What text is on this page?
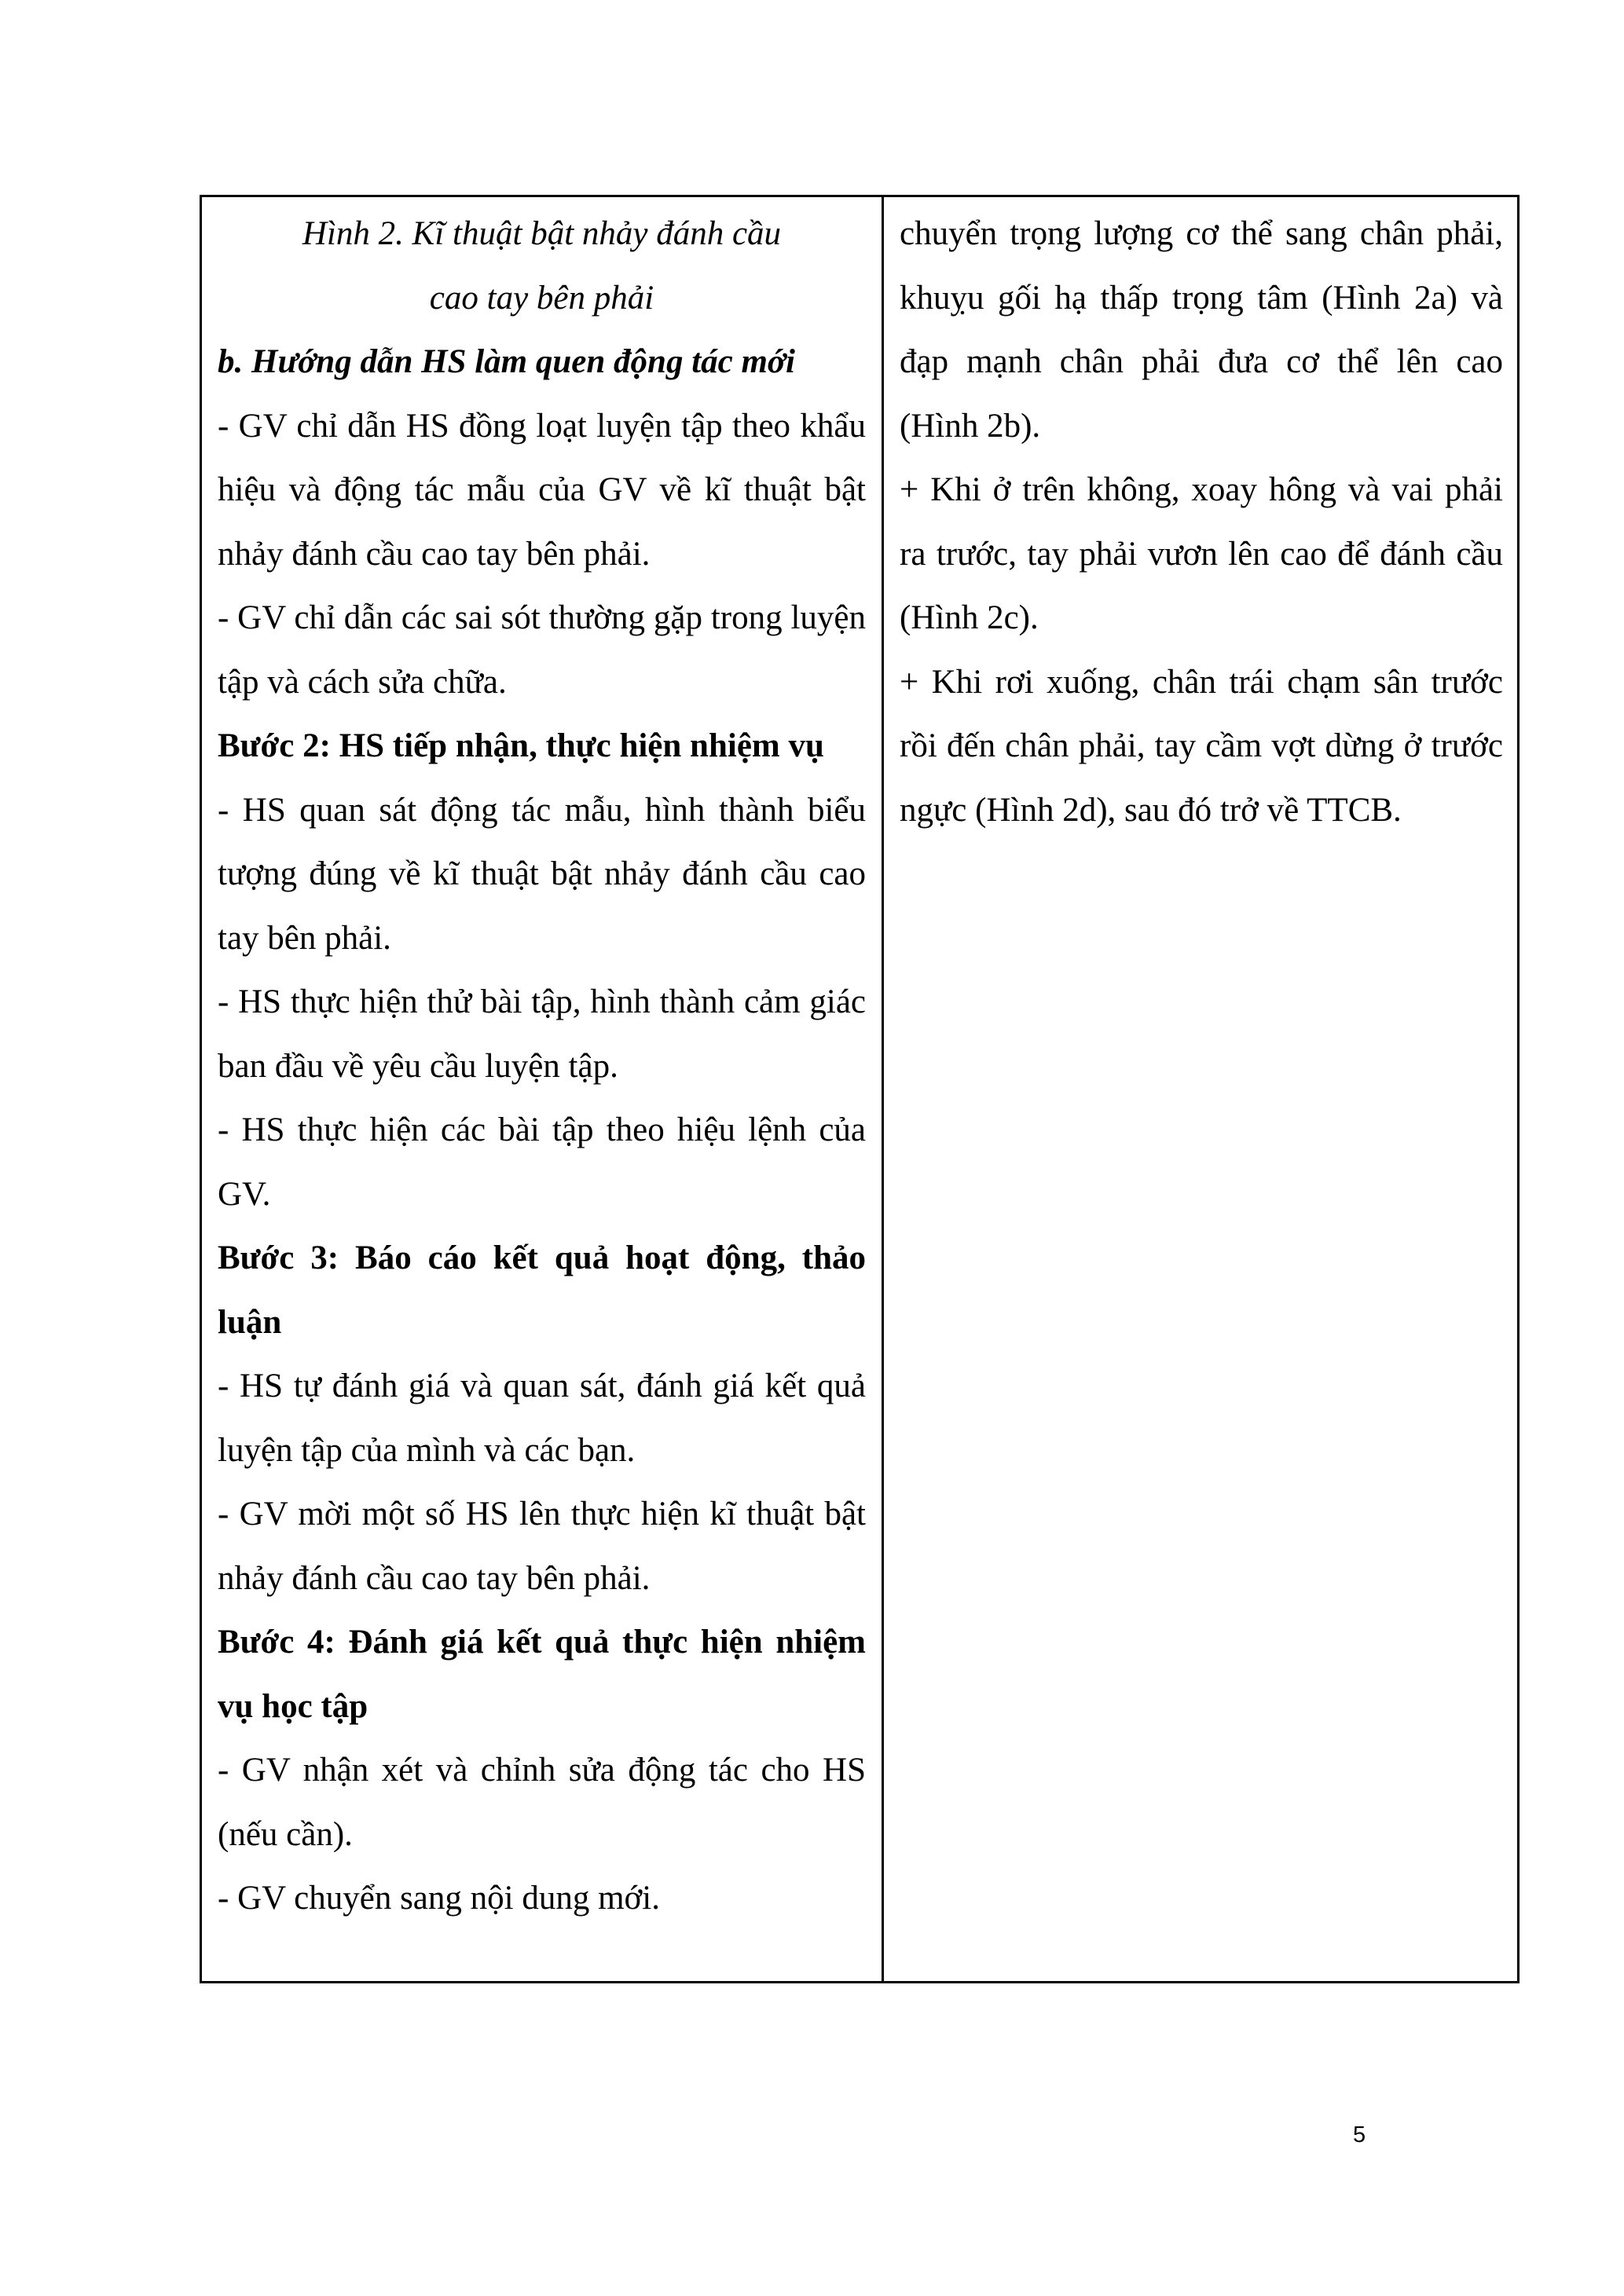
Hình 2. Kĩ thuật bật nhảy đánh cầu

cao tay bên phải

b. Hướng dẫn HS làm quen động tác mới

- GV chỉ dẫn HS đồng loạt luyện tập theo khẩu hiệu và động tác mẫu của GV về kĩ thuật bật nhảy đánh cầu cao tay bên phải.

- GV chỉ dẫn các sai sót thường gặp trong luyện tập và cách sửa chữa.

Bước 2: HS tiếp nhận, thực hiện nhiệm vụ

- HS quan sát động tác mẫu, hình thành biểu tượng đúng về kĩ thuật bật nhảy đánh cầu cao tay bên phải.

- HS thực hiện thử bài tập, hình thành cảm giác ban đầu về yêu cầu luyện tập.

- HS thực hiện các bài tập theo hiệu lệnh của GV.

Bước 3: Báo cáo kết quả hoạt động, thảo luận

- HS tự đánh giá và quan sát, đánh giá kết quả luyện tập của mình và các bạn.

- GV mời một số HS lên thực hiện kĩ thuật bật nhảy đánh cầu cao tay bên phải.

Bước 4: Đánh giá kết quả thực hiện nhiệm vụ học tập

- GV nhận xét và chỉnh sửa động tác cho HS (nếu cần).

- GV chuyển sang nội dung mới.

chuyển trọng lượng cơ thể sang chân phải, khuỵu gối hạ thấp trọng tâm (Hình 2a) và đạp mạnh chân phải đưa cơ thể lên cao (Hình 2b).

+ Khi ở trên không, xoay hông và vai phải ra trước, tay phải vươn lên cao để đánh cầu (Hình 2c).

+ Khi rơi xuống, chân trái chạm sân trước rồi đến chân phải, tay cầm vợt dừng ở trước ngực (Hình 2d), sau đó trở về TTCB.

5
